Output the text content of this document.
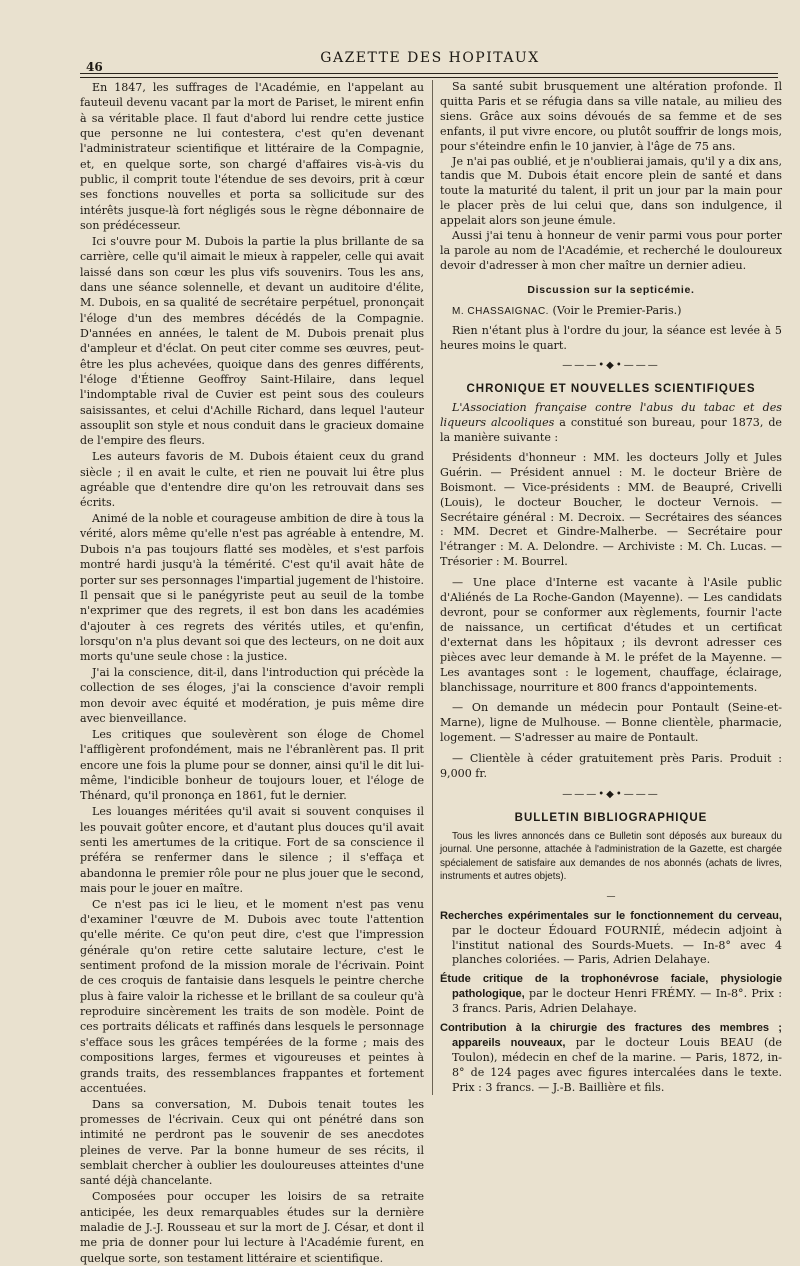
46
GAZETTE DES HOPITAUX

En 1847, les suffrages de l'Académie, en l'appelant au fauteuil devenu vacant par la mort de Pariset, le mirent enfin à sa véritable place. Il faut d'abord lui rendre cette justice que personne ne lui contestera, c'est qu'en devenant l'administrateur scientifique et littéraire de la Compagnie, et, en quelque sorte, son chargé d'affaires vis-à-vis du public, il comprit toute l'étendue de ses devoirs, prit à cœur ses fonctions nouvelles et porta sa sollicitude sur des intérêts jusque-là fort négligés sous le règne débonnaire de son prédécesseur.

Ici s'ouvre pour M. Dubois la partie la plus brillante de sa carrière, celle qu'il aimait le mieux à rappeler, celle qui avait laissé dans son cœur les plus vifs souvenirs. Tous les ans, dans une séance solennelle, et devant un auditoire d'élite, M. Dubois, en sa qualité de secrétaire perpétuel, prononçait l'éloge d'un des membres décédés de la Compagnie. D'années en années, le talent de M. Dubois prenait plus d'ampleur et d'éclat. On peut citer comme ses œuvres, peut-être les plus achevées, quoique dans des genres différents, l'éloge d'Étienne Geoffroy Saint-Hilaire, dans lequel l'indomptable rival de Cuvier est peint sous des couleurs saisissantes, et celui d'Achille Richard, dans lequel l'auteur assouplit son style et nous conduit dans le gracieux domaine de l'empire des fleurs.

Les auteurs favoris de M. Dubois étaient ceux du grand siècle ; il en avait le culte, et rien ne pouvait lui être plus agréable que d'entendre dire qu'on les retrouvait dans ses écrits.

Animé de la noble et courageuse ambition de dire à tous la vérité, alors même qu'elle n'est pas agréable à entendre, M. Dubois n'a pas toujours flatté ses modèles, et s'est parfois montré hardi jusqu'à la témérité. C'est qu'il avait hâte de porter sur ses personnages l'impartial jugement de l'histoire. Il pensait que si le panégyriste peut au seuil de la tombe n'exprimer que des regrets, il est bon dans les académies d'ajouter à ces regrets des vérités utiles, et qu'enfin, lorsqu'on n'a plus devant soi que des lecteurs, on ne doit aux morts qu'une seule chose : la justice.

J'ai la conscience, dit-il, dans l'introduction qui précède la collection de ses éloges, j'ai la conscience d'avoir rempli mon devoir avec équité et modération, je puis même dire avec bienveillance.

Les critiques que soulevèrent son éloge de Chomel l'affligèrent profondément, mais ne l'ébranlèrent pas. Il prit encore une fois la plume pour se donner, ainsi qu'il le dit lui-même, l'indicible bonheur de toujours louer, et l'éloge de Thénard, qu'il prononça en 1861, fut le dernier.

Les louanges méritées qu'il avait si souvent conquises il les pouvait goûter encore, et d'autant plus douces qu'il avait senti les amertumes de la critique. Fort de sa conscience il préféra se renfermer dans le silence ; il s'effaça et abandonna le premier rôle pour ne plus jouer que le second, mais pour le jouer en maître.

Ce n'est pas ici le lieu, et le moment n'est pas venu d'examiner l'œuvre de M. Dubois avec toute l'attention qu'elle mérite. Ce qu'on peut dire, c'est que l'impression générale qu'on retire cette salutaire lecture, c'est le sentiment profond de la mission morale de l'écrivain. Point de ces croquis de fantaisie dans lesquels le peintre cherche plus à faire valoir la richesse et le brillant de sa couleur qu'à reproduire sincèrement les traits de son modèle. Point de ces portraits délicats et raffinés dans lesquels le personnage s'efface sous les grâces tempérées de la forme ; mais des compositions larges, fermes et vigoureuses et peintes à grands traits, des ressemblances frappantes et fortement accentuées.

Dans sa conversation, M. Dubois tenait toutes les promesses de l'écrivain. Ceux qui ont pénétré dans son intimité ne perdront pas le souvenir de ses anecdotes pleines de verve. Par la bonne humeur de ses récits, il semblait chercher à oublier les douloureuses atteintes d'une santé déjà chancelante.

Composées pour occuper les loisirs de sa retraite anticipée, les deux remarquables études sur la dernière maladie de J.-J. Rousseau et sur la mort de J. César, et dont il me pria de donner pour lui lecture à l'Académie furent, en quelque sorte, son testament littéraire et scientifique.

Sa santé subit brusquement une altération profonde. Il quitta Paris et se réfugia dans sa ville natale, au milieu des siens. Grâce aux soins dévoués de sa femme et de ses enfants, il put vivre encore, ou plutôt souffrir de longs mois, pour s'éteindre enfin le 10 janvier, à l'âge de 75 ans.

Je n'ai pas oublié, et je n'oublierai jamais, qu'il y a dix ans, tandis que M. Dubois était encore plein de santé et dans toute la maturité du talent, il prit un jour par la main pour le placer près de lui celui que, dans son indulgence, il appelait alors son jeune émule.

Aussi j'ai tenu à honneur de venir parmi vous pour porter la parole au nom de l'Académie, et recherché le douloureux devoir d'adresser à mon cher maître un dernier adieu.

Discussion sur la septicémie.

M. CHASSAIGNAC. (Voir le Premier-Paris.)

Rien n'étant plus à l'ordre du jour, la séance est levée à 5 heures moins le quart.

———•◆•———
CHRONIQUE ET NOUVELLES SCIENTIFIQUES

L'Association française contre l'abus du tabac et des liqueurs alcooliques a constitué son bureau, pour 1873, de la manière suivante :

Présidents d'honneur : MM. les docteurs Jolly et Jules Guérin. — Président annuel : M. le docteur Brière de Boismont. — Vice-présidents : MM. de Beaupré, Crivelli (Louis), le docteur Boucher, le docteur Vernois. — Secrétaire général : M. Decroix. — Secrétaires des séances : MM. Decret et Gindre-Malherbe. — Secrétaire pour l'étranger : M. A. Delondre. — Archiviste : M. Ch. Lucas. — Trésorier : M. Bourrel.

— Une place d'Interne est vacante à l'Asile public d'Aliénés de La Roche-Gandon (Mayenne). — Les candidats devront, pour se conformer aux règlements, fournir l'acte de naissance, un certificat d'études et un certificat d'externat dans les hôpitaux ; ils devront adresser ces pièces avec leur demande à M. le préfet de la Mayenne. — Les avantages sont : le logement, chauffage, éclairage, blanchissage, nourriture et 800 francs d'appointements.

— On demande un médecin pour Pontault (Seine-et-Marne), ligne de Mulhouse. — Bonne clientèle, pharmacie, logement. — S'adresser au maire de Pontault.

— Clientèle à céder gratuitement près Paris. Produit : 9,000 fr.

———•◆•———
BULLETIN BIBLIOGRAPHIQUE

Tous les livres annoncés dans ce Bulletin sont déposés aux bureaux du journal. Une personne, attachée à l'administration de la Gazette, est chargée spécialement de satisfaire aux demandes de nos abonnés (achats de livres, instruments et autres objets).

—

Recherches expérimentales sur le fonctionnement du cerveau, par le docteur Édouard FOURNIÉ, médecin adjoint à l'institut national des Sourds-Muets. — In-8° avec 4 planches coloriées. — Paris, Adrien Delahaye.

Étude critique de la trophonévrose faciale, physiologie pathologique, par le docteur Henri FRÉMY. — In-8°. Prix : 3 francs. Paris, Adrien Delahaye.

Contribution à la chirurgie des fractures des membres ; appareils nouveaux, par le docteur Louis BEAU (de Toulon), médecin en chef de la marine. — Paris, 1872, in-8° de 124 pages avec figures intercalées dans le texte. Prix : 3 francs. — J.-B. Baillière et fils.
